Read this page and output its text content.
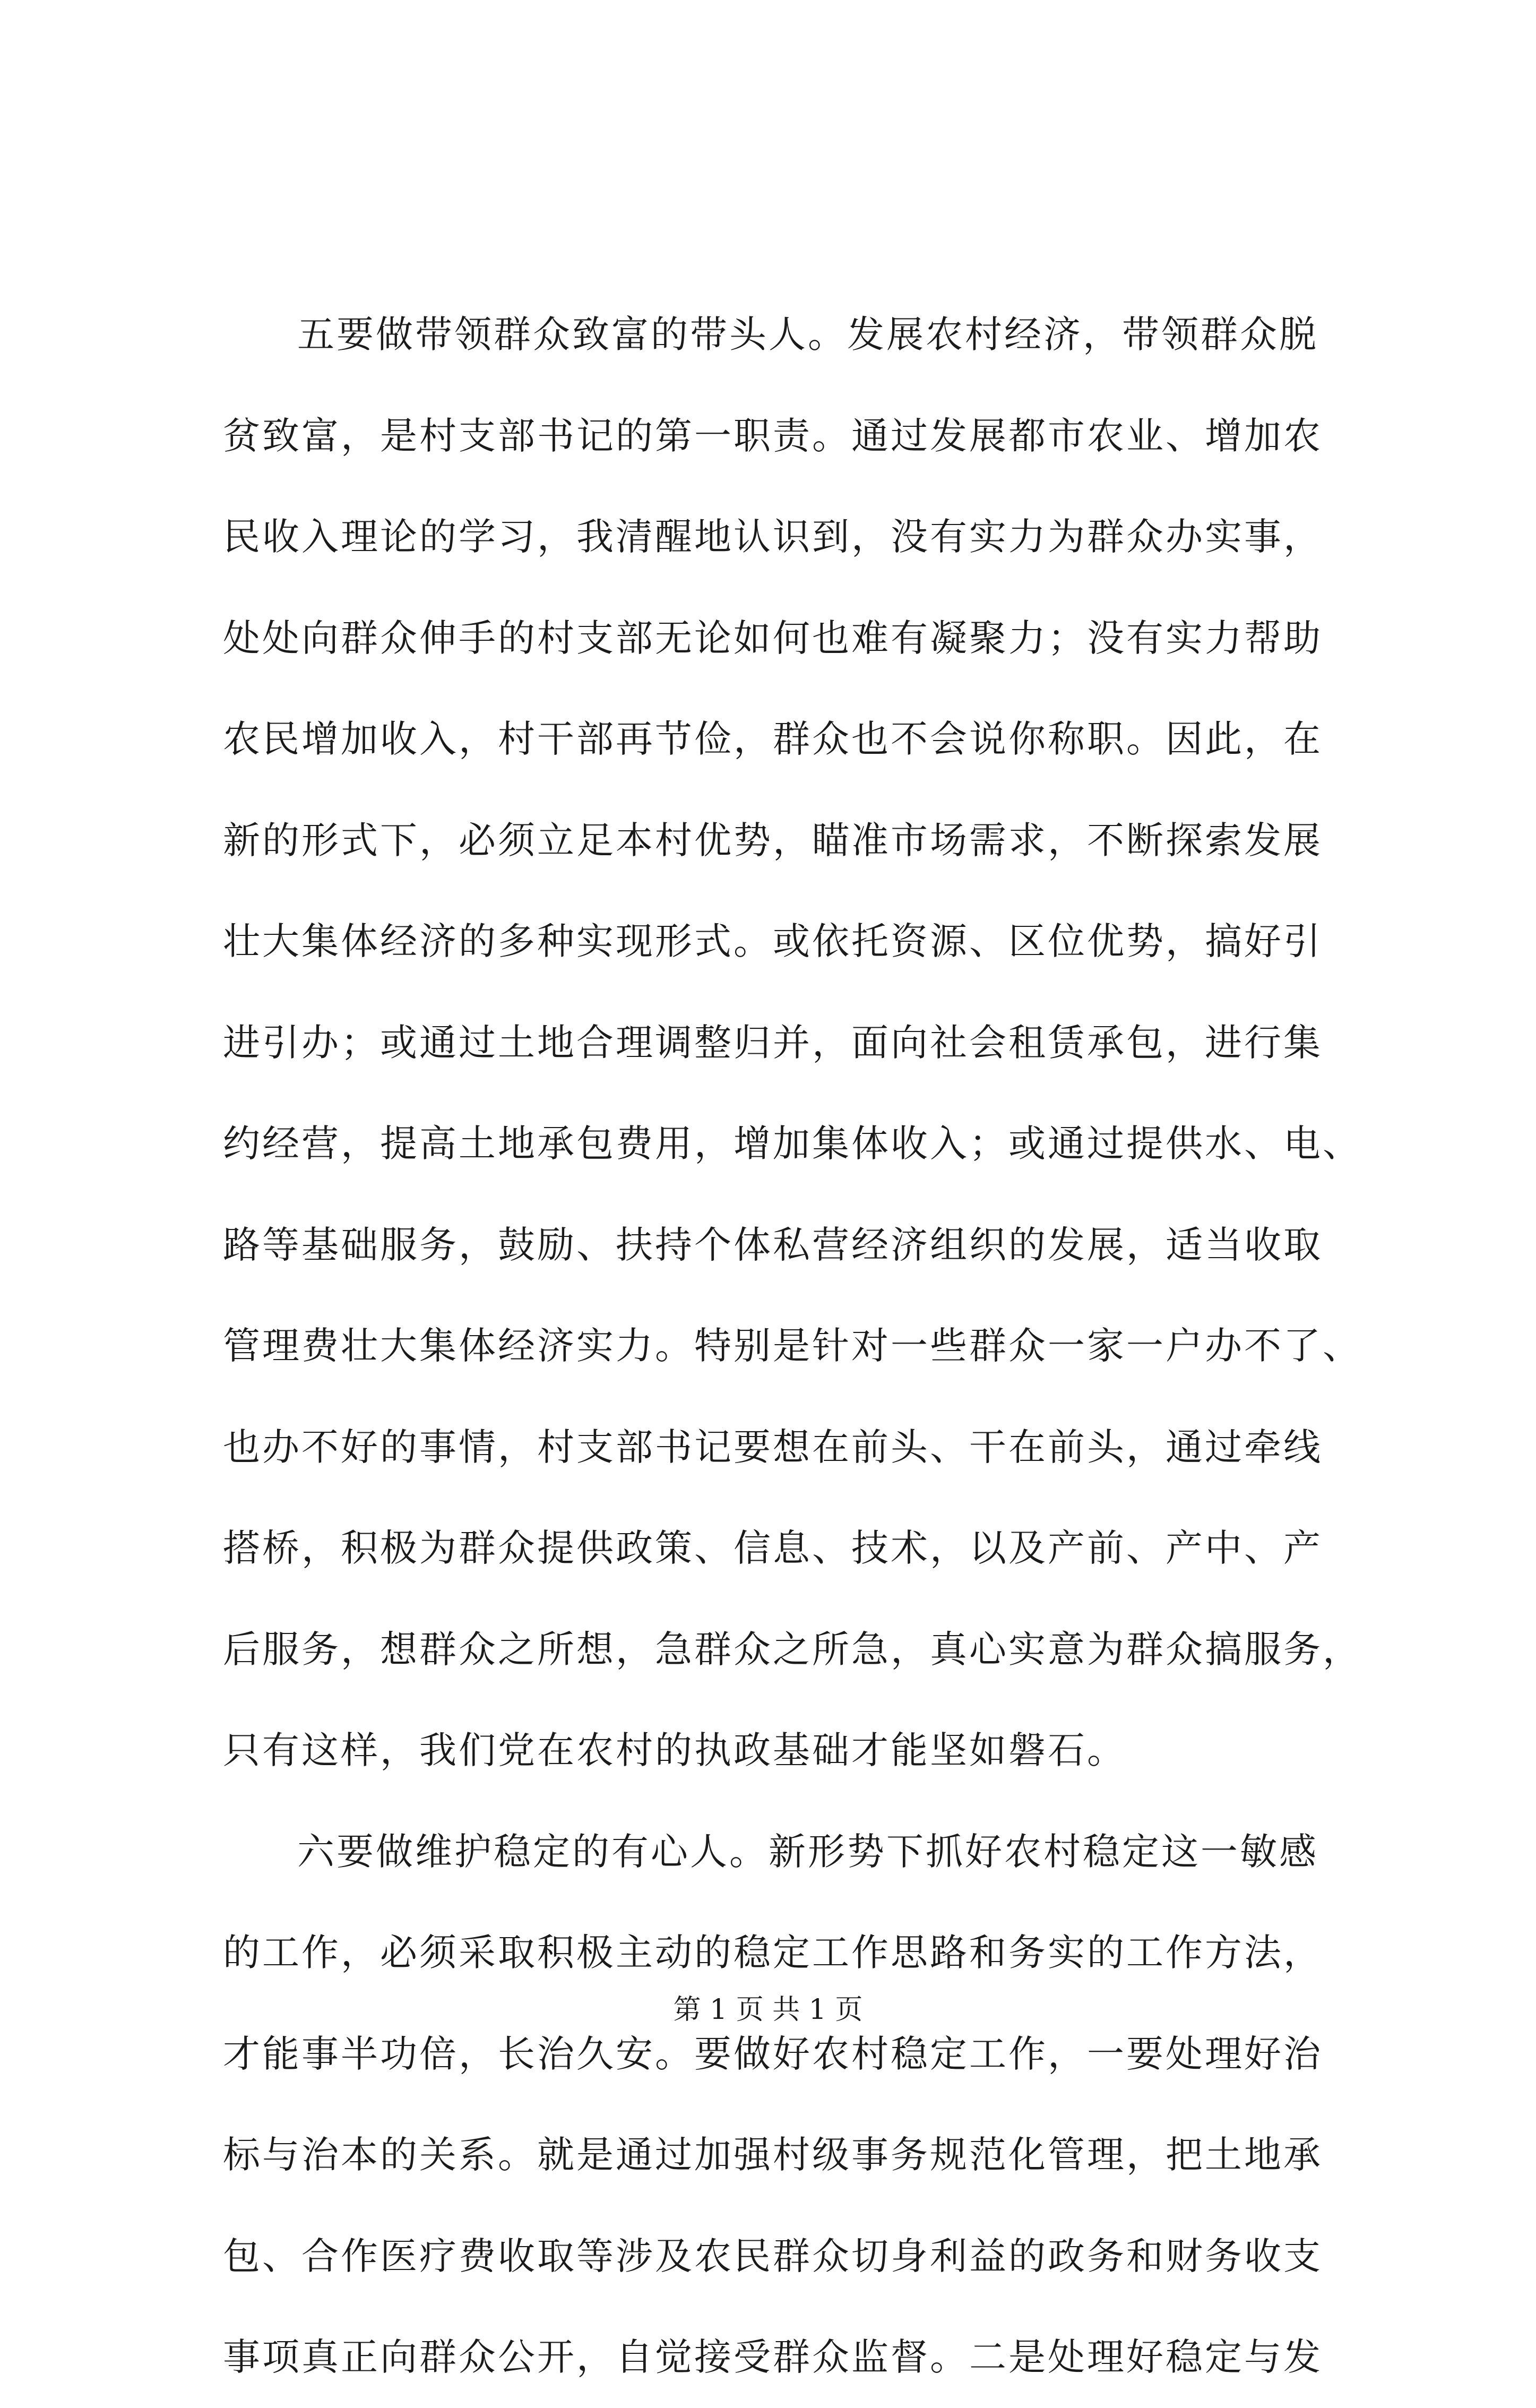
五要做带领群众致富的带头人。发展农村经济，带领群众脱
贫致富，是村支部书记的第一职责。通过发展都市农业、增加农
民收入理论的学习，我清醒地认识到，没有实力为群众办实事，
处处向群众伸手的村支部无论如何也难有凝聚力；没有实力帮助
农民增加收入，村干部再节俭，群众也不会说你称职。因此，在
新的形式下，必须立足本村优势，瞄准市场需求，不断探索发展
壮大集体经济的多种实现形式。或依托资源、区位优势，搞好引
进引办；或通过土地合理调整归并，面向社会租赁承包，进行集
约经营，提高土地承包费用，增加集体收入；或通过提供水、电、
路等基础服务，鼓励、扶持个体私营经济组织的发展，适当收取
管理费壮大集体经济实力。特别是针对一些群众一家一户办不了、
也办不好的事情，村支部书记要想在前头、干在前头，通过牵线
搭桥，积极为群众提供政策、信息、技术，以及产前、产中、产
后服务，想群众之所想，急群众之所急，真心实意为群众搞服务，
只有这样，我们党在农村的执政基础才能坚如磐石。
六要做维护稳定的有心人。新形势下抓好农村稳定这一敏感
的工作，必须采取积极主动的稳定工作思路和务实的工作方法，
才能事半功倍，长治久安。要做好农村稳定工作，一要处理好治
标与治本的关系。就是通过加强村级事务规范化管理，把土地承
包、合作医疗费收取等涉及农民群众切身利益的政务和财务收支
事项真正向群众公开，自觉接受群众监督。二是处理好稳定与发
第 1 页 共 1 页
